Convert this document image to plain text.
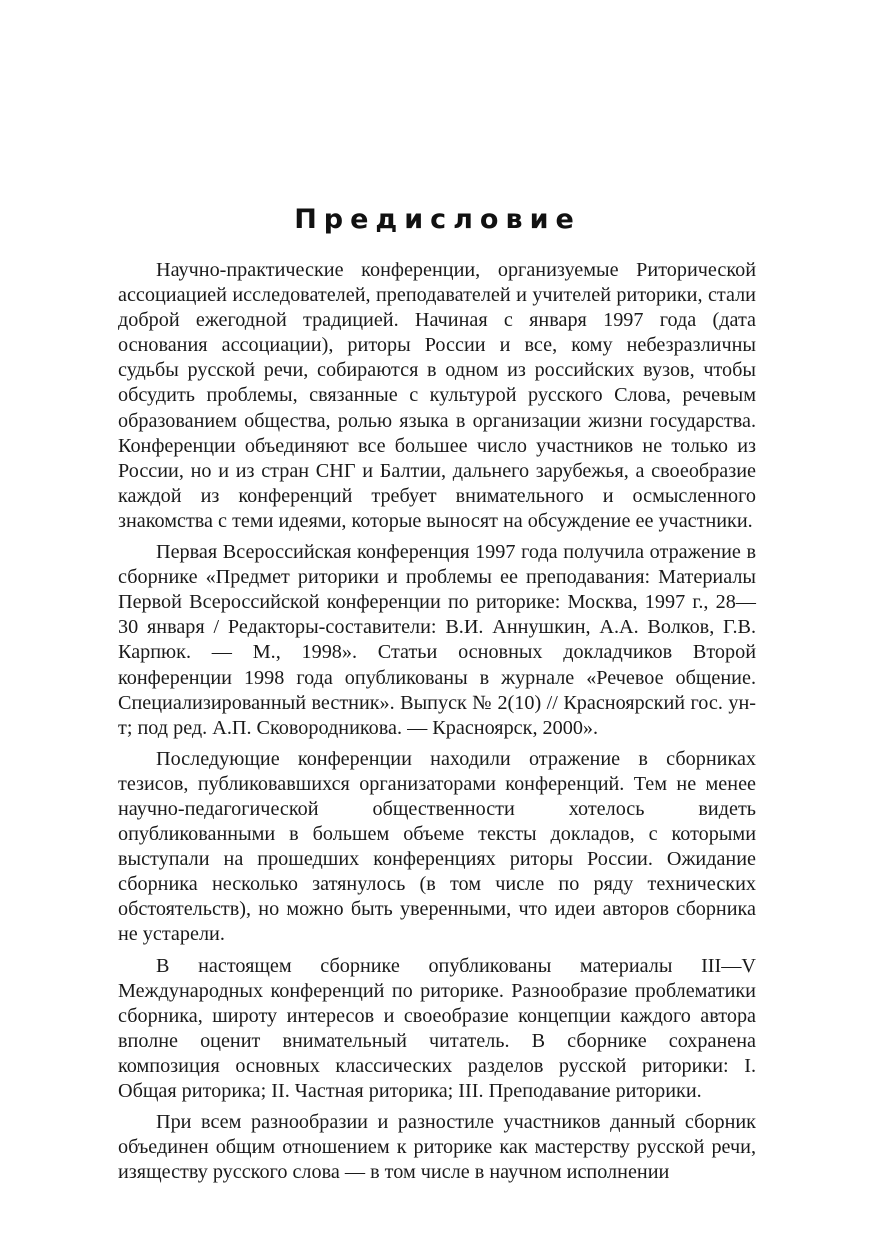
Предисловие

Научно-практические конференции, организуемые Риторической ассоциацией исследователей, преподавателей и учителей риторики, стали доброй ежегодной традицией. Начиная с января 1997 года (дата основания ассоциации), риторы России и все, кому небезразличны судьбы русской речи, собираются в одном из российских вузов, чтобы обсудить проблемы, связанные с культурой русского Слова, речевым образованием общества, ролью языка в организации жизни государства. Конференции объединяют все большее число участников не только из России, но и из стран СНГ и Балтии, дальнего зарубежья, а своеобразие каждой из конференций требует внимательного и осмысленного знакомства с теми идеями, которые выносят на обсуждение ее участники.

Первая Всероссийская конференция 1997 года получила отражение в сборнике «Предмет риторики и проблемы ее преподавания: Материалы Первой Всероссийской конференции по риторике: Москва, 1997 г., 28—30 января / Редакторы-составители: В.И. Аннушкин, А.А. Волков, Г.В. Карпюк. — М., 1998». Статьи основных докладчиков Второй конференции 1998 года опубликованы в журнале «Речевое общение. Специализированный вестник». Выпуск № 2(10) // Красноярский гос. ун-т; под ред. А.П. Сковородникова. — Красноярск, 2000».

Последующие конференции находили отражение в сборниках тезисов, публиковавшихся организаторами конференций. Тем не менее научно-педагогической общественности хотелось видеть опубликованными в большем объеме тексты докладов, с которыми выступали на прошедших конференциях риторы России. Ожидание сборника несколько затянулось (в том числе по ряду технических обстоятельств), но можно быть уверенными, что идеи авторов сборника не устарели.

В настоящем сборнике опубликованы материалы III—V Международных конференций по риторике. Разнообразие проблематики сборника, широту интересов и своеобразие концепции каждого автора вполне оценит внимательный читатель. В сборнике сохранена композиция основных классических разделов русской риторики: I. Общая риторика; II. Частная риторика; III. Преподавание риторики.

При всем разнообразии и разностиле участников данный сборник объединен общим отношением к риторике как мастерству русской речи, изяществу русского слова — в том числе в научном исполнении
